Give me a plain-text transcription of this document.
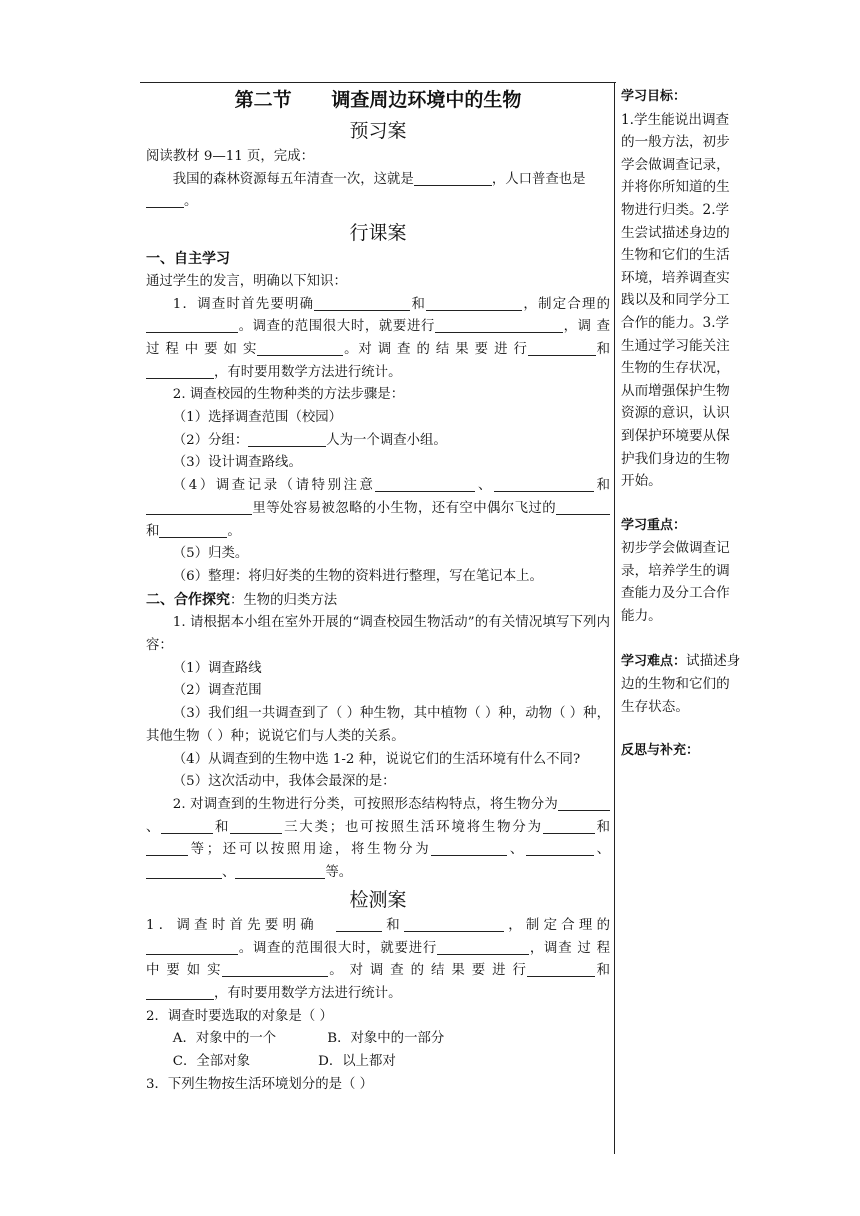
第二节      调查周边环境中的生物
预习案

阅读教材 9—11 页，完成：

我国的森林资源每五年清查一次，这就是	，人口普查也是。

行课案

一、自主学习

通过学生的发言，明确以下知识：

1．调查时首先要明确	和	，制定合理的。调查的范围很大时，就要进行	，调 查 过 程 中 要 如 实	。对 调 查 的 结 果 要 进 行	和，有时要用数学方法进行统计。

2. 调查校园的生物种类的方法步骤是：

（1）选择调查范围（校园）

（2）分组：	人为一个调查小组。

（3）设计调查路线。

（4）调查记录（请特别注意	、	和里等处容易被忽略的小生物，还有空中偶尔飞过的和	。

（5）归类。

（6）整理：将归好类的生物的资料进行整理，写在笔记本上。

二、合作探究：生物的归类方法

1. 请根据本小组在室外开展的“调查校园生物活动”的有关情况填写下列内容：

（1）调查路线

（2）调查范围

（3）我们组一共调查到了（ ）种生物，其中植物（ ）种，动物（ ）种，其他生物（ ）种；说说它们与人类的关系。

（4）从调查到的生物中选 1-2 种，说说它们的生活环境有什么不同?

（5）这次活动中，我体会最深的是：

2. 对调查到的生物进行分类，可按照形态结构特点，将生物分为、	和	三大类；也可按照生活环境将生物分为	和等；还可以按照用途，将生物分为	、	、、	等。

检测案

1．调查时首先要明确	和	，制定合理的。调查的范围很大时，就要进行	，调查 过 程 中 要 如 实	。 对 调 查 的 结 果 要 进 行	和，有时要用数学方法进行统计。

2．调查时要选取的对象是（ ）

A．对象中的一个            B．对象中的一部分

C．全部对象                D．以上都对

3．下列生物按生活环境划分的是（ ）

学习目标：
1.学生能说出调查的一般方法，初步学会做调查记录，并将你所知道的生物进行归类。2.学生尝试描述身边的生物和它们的生活环境，培养调查实践以及和同学分工合作的能力。3.学生通过学习能关注生物的生存状况，从而增强保护生物资源的意识，认识到保护环境要从保护我们身边的生物开始。
学习重点：
初步学会做调查记录，培养学生的调查能力及分工合作能力。
学习难点：试描述身边的生物和它们的生存状态。
反思与补充：
